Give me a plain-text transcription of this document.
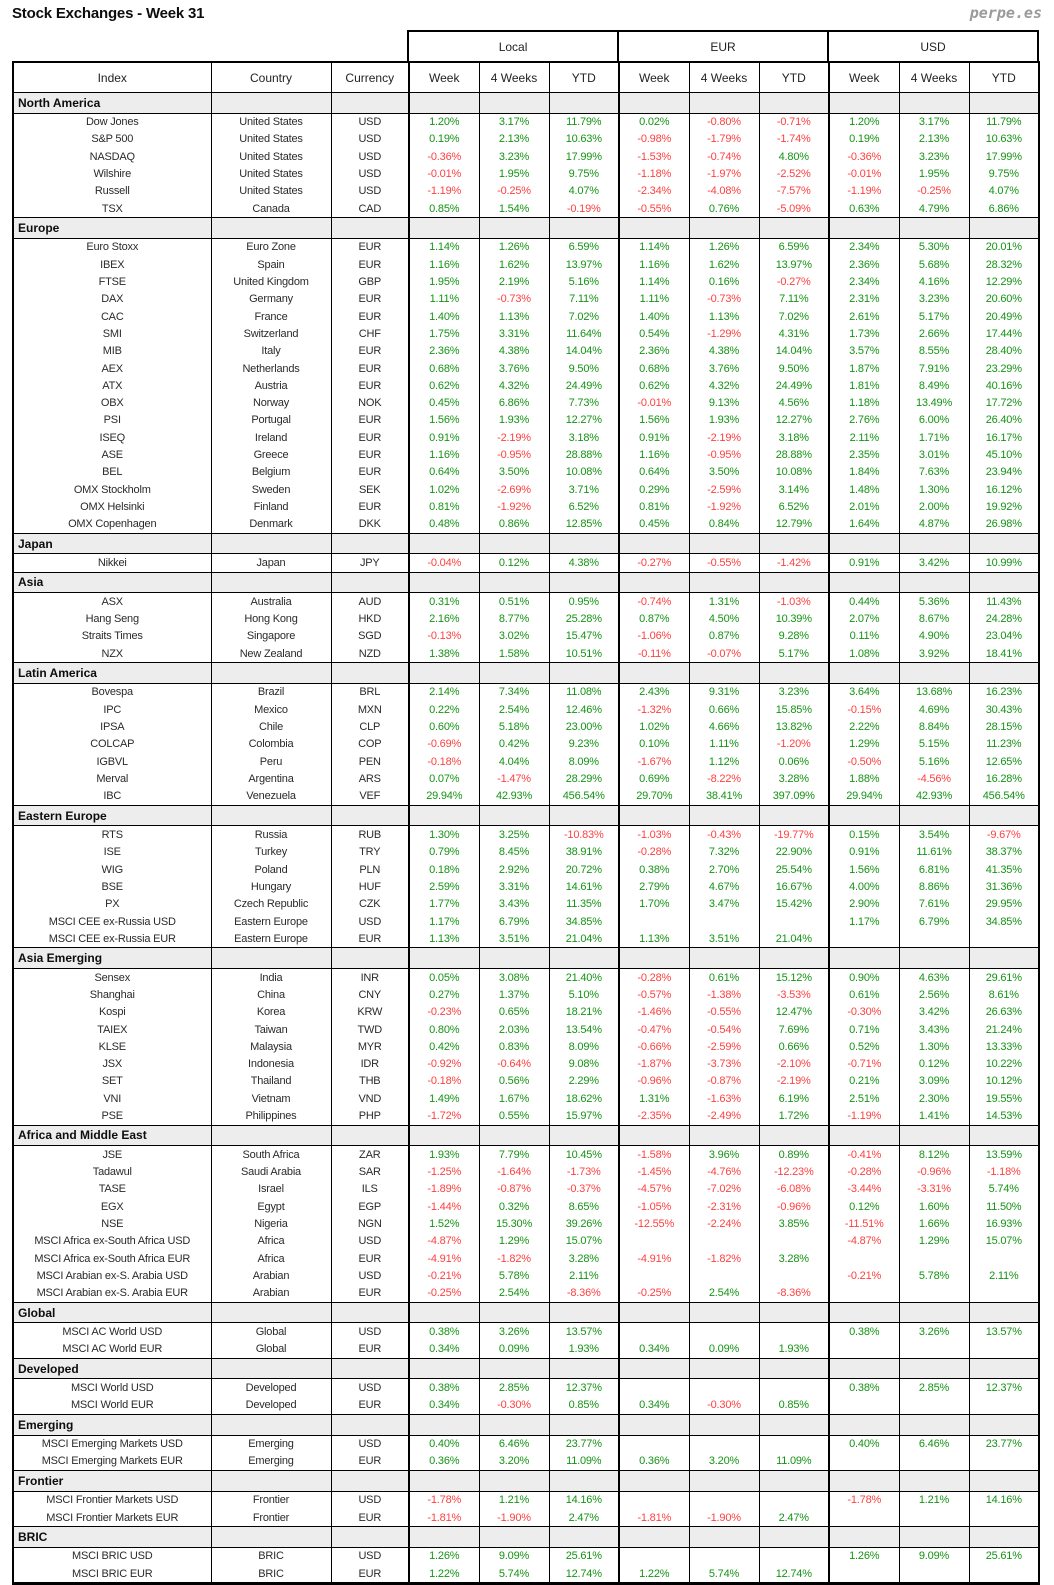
Stock Exchanges - Week 31	perpe.es
	Local	EUR	USD
Index	Country	Currency	Week	4 Weeks	YTD	Week	4 Weeks	YTD	Week	4 Weeks	YTD
North America											
Dow Jones	United States	USD	1.20%	3.17%	11.79%	0.02%	-0.80%	-0.71%	1.20%	3.17%	11.79%
S&P 500	United States	USD	0.19%	2.13%	10.63%	-0.98%	-1.79%	-1.74%	0.19%	2.13%	10.63%
NASDAQ	United States	USD	-0.36%	3.23%	17.99%	-1.53%	-0.74%	4.80%	-0.36%	3.23%	17.99%
Wilshire	United States	USD	-0.01%	1.95%	9.75%	-1.18%	-1.97%	-2.52%	-0.01%	1.95%	9.75%
Russell	United States	USD	-1.19%	-0.25%	4.07%	-2.34%	-4.08%	-7.57%	-1.19%	-0.25%	4.07%
TSX	Canada	CAD	0.85%	1.54%	-0.19%	-0.55%	0.76%	-5.09%	0.63%	4.79%	6.86%
Europe											
Euro Stoxx	Euro Zone	EUR	1.14%	1.26%	6.59%	1.14%	1.26%	6.59%	2.34%	5.30%	20.01%
IBEX	Spain	EUR	1.16%	1.62%	13.97%	1.16%	1.62%	13.97%	2.36%	5.68%	28.32%
FTSE	United Kingdom	GBP	1.95%	2.19%	5.16%	1.14%	0.16%	-0.27%	2.34%	4.16%	12.29%
DAX	Germany	EUR	1.11%	-0.73%	7.11%	1.11%	-0.73%	7.11%	2.31%	3.23%	20.60%
CAC	France	EUR	1.40%	1.13%	7.02%	1.40%	1.13%	7.02%	2.61%	5.17%	20.49%
SMI	Switzerland	CHF	1.75%	3.31%	11.64%	0.54%	-1.29%	4.31%	1.73%	2.66%	17.44%
MIB	Italy	EUR	2.36%	4.38%	14.04%	2.36%	4.38%	14.04%	3.57%	8.55%	28.40%
AEX	Netherlands	EUR	0.68%	3.76%	9.50%	0.68%	3.76%	9.50%	1.87%	7.91%	23.29%
ATX	Austria	EUR	0.62%	4.32%	24.49%	0.62%	4.32%	24.49%	1.81%	8.49%	40.16%
OBX	Norway	NOK	0.45%	6.86%	7.73%	-0.01%	9.13%	4.56%	1.18%	13.49%	17.72%
PSI	Portugal	EUR	1.56%	1.93%	12.27%	1.56%	1.93%	12.27%	2.76%	6.00%	26.40%
ISEQ	Ireland	EUR	0.91%	-2.19%	3.18%	0.91%	-2.19%	3.18%	2.11%	1.71%	16.17%
ASE	Greece	EUR	1.16%	-0.95%	28.88%	1.16%	-0.95%	28.88%	2.35%	3.01%	45.10%
BEL	Belgium	EUR	0.64%	3.50%	10.08%	0.64%	3.50%	10.08%	1.84%	7.63%	23.94%
OMX Stockholm	Sweden	SEK	1.02%	-2.69%	3.71%	0.29%	-2.59%	3.14%	1.48%	1.30%	16.12%
OMX Helsinki	Finland	EUR	0.81%	-1.92%	6.52%	0.81%	-1.92%	6.52%	2.01%	2.00%	19.92%
OMX Copenhagen	Denmark	DKK	0.48%	0.86%	12.85%	0.45%	0.84%	12.79%	1.64%	4.87%	26.98%
Japan											
Nikkei	Japan	JPY	-0.04%	0.12%	4.38%	-0.27%	-0.55%	-1.42%	0.91%	3.42%	10.99%
Asia											
ASX	Australia	AUD	0.31%	0.51%	0.95%	-0.74%	1.31%	-1.03%	0.44%	5.36%	11.43%
Hang Seng	Hong Kong	HKD	2.16%	8.77%	25.28%	0.87%	4.50%	10.39%	2.07%	8.67%	24.28%
Straits Times	Singapore	SGD	-0.13%	3.02%	15.47%	-1.06%	0.87%	9.28%	0.11%	4.90%	23.04%
NZX	New Zealand	NZD	1.38%	1.58%	10.51%	-0.11%	-0.07%	5.17%	1.08%	3.92%	18.41%
Latin America											
Bovespa	Brazil	BRL	2.14%	7.34%	11.08%	2.43%	9.31%	3.23%	3.64%	13.68%	16.23%
IPC	Mexico	MXN	0.22%	2.54%	12.46%	-1.32%	0.66%	15.85%	-0.15%	4.69%	30.43%
IPSA	Chile	CLP	0.60%	5.18%	23.00%	1.02%	4.66%	13.82%	2.22%	8.84%	28.15%
COLCAP	Colombia	COP	-0.69%	0.42%	9.23%	0.10%	1.11%	-1.20%	1.29%	5.15%	11.23%
IGBVL	Peru	PEN	-0.18%	4.04%	8.09%	-1.67%	1.12%	0.06%	-0.50%	5.16%	12.65%
Merval	Argentina	ARS	0.07%	-1.47%	28.29%	0.69%	-8.22%	3.28%	1.88%	-4.56%	16.28%
IBC	Venezuela	VEF	29.94%	42.93%	456.54%	29.70%	38.41%	397.09%	29.94%	42.93%	456.54%
Eastern Europe											
RTS	Russia	RUB	1.30%	3.25%	-10.83%	-1.03%	-0.43%	-19.77%	0.15%	3.54%	-9.67%
ISE	Turkey	TRY	0.79%	8.45%	38.91%	-0.28%	7.32%	22.90%	0.91%	11.61%	38.37%
WIG	Poland	PLN	0.18%	2.92%	20.72%	0.38%	2.70%	25.54%	1.56%	6.81%	41.35%
BSE	Hungary	HUF	2.59%	3.31%	14.61%	2.79%	4.67%	16.67%	4.00%	8.86%	31.36%
PX	Czech Republic	CZK	1.77%	3.43%	11.35%	1.70%	3.47%	15.42%	2.90%	7.61%	29.95%
MSCI CEE ex-Russia USD	Eastern Europe	USD	1.17%	6.79%	34.85%				1.17%	6.79%	34.85%
MSCI CEE ex-Russia EUR	Eastern Europe	EUR	1.13%	3.51%	21.04%	1.13%	3.51%	21.04%			
Asia Emerging											
Sensex	India	INR	0.05%	3.08%	21.40%	-0.28%	0.61%	15.12%	0.90%	4.63%	29.61%
Shanghai	China	CNY	0.27%	1.37%	5.10%	-0.57%	-1.38%	-3.53%	0.61%	2.56%	8.61%
Kospi	Korea	KRW	-0.23%	0.65%	18.21%	-1.46%	-0.55%	12.47%	-0.30%	3.42%	26.63%
TAIEX	Taiwan	TWD	0.80%	2.03%	13.54%	-0.47%	-0.54%	7.69%	0.71%	3.43%	21.24%
KLSE	Malaysia	MYR	0.42%	0.83%	8.09%	-0.66%	-2.59%	0.66%	0.52%	1.30%	13.33%
JSX	Indonesia	IDR	-0.92%	-0.64%	9.08%	-1.87%	-3.73%	-2.10%	-0.71%	0.12%	10.22%
SET	Thailand	THB	-0.18%	0.56%	2.29%	-0.96%	-0.87%	-2.19%	0.21%	3.09%	10.12%
VNI	Vietnam	VND	1.49%	1.67%	18.62%	1.31%	-1.63%	6.19%	2.51%	2.30%	19.55%
PSE	Philippines	PHP	-1.72%	0.55%	15.97%	-2.35%	-2.49%	1.72%	-1.19%	1.41%	14.53%
Africa and Middle East											
JSE	South Africa	ZAR	1.93%	7.79%	10.45%	-1.58%	3.96%	0.89%	-0.41%	8.12%	13.59%
Tadawul	Saudi Arabia	SAR	-1.25%	-1.64%	-1.73%	-1.45%	-4.76%	-12.23%	-0.28%	-0.96%	-1.18%
TASE	Israel	ILS	-1.89%	-0.87%	-0.37%	-4.57%	-7.02%	-6.08%	-3.44%	-3.31%	5.74%
EGX	Egypt	EGP	-1.44%	0.32%	8.65%	-1.05%	-2.31%	-0.96%	0.12%	1.60%	11.50%
NSE	Nigeria	NGN	1.52%	15.30%	39.26%	-12.55%	-2.24%	3.85%	-11.51%	1.66%	16.93%
MSCI Africa ex-South Africa USD	Africa	USD	-4.87%	1.29%	15.07%				-4.87%	1.29%	15.07%
MSCI Africa ex-South Africa EUR	Africa	EUR	-4.91%	-1.82%	3.28%	-4.91%	-1.82%	3.28%			
MSCI Arabian ex-S. Arabia USD	Arabian	USD	-0.21%	5.78%	2.11%				-0.21%	5.78%	2.11%
MSCI Arabian ex-S. Arabia EUR	Arabian	EUR	-0.25%	2.54%	-8.36%	-0.25%	2.54%	-8.36%			
Global											
MSCI AC World USD	Global	USD	0.38%	3.26%	13.57%				0.38%	3.26%	13.57%
MSCI AC World EUR	Global	EUR	0.34%	0.09%	1.93%	0.34%	0.09%	1.93%			
Developed											
MSCI World USD	Developed	USD	0.38%	2.85%	12.37%				0.38%	2.85%	12.37%
MSCI World EUR	Developed	EUR	0.34%	-0.30%	0.85%	0.34%	-0.30%	0.85%			
Emerging											
MSCI Emerging Markets USD	Emerging	USD	0.40%	6.46%	23.77%				0.40%	6.46%	23.77%
MSCI Emerging Markets EUR	Emerging	EUR	0.36%	3.20%	11.09%	0.36%	3.20%	11.09%			
Frontier											
MSCI Frontier Markets USD	Frontier	USD	-1.78%	1.21%	14.16%				-1.78%	1.21%	14.16%
MSCI Frontier Markets EUR	Frontier	EUR	-1.81%	-1.90%	2.47%	-1.81%	-1.90%	2.47%			
BRIC											
MSCI BRIC USD	BRIC	USD	1.26%	9.09%	25.61%				1.26%	9.09%	25.61%
MSCI BRIC EUR	BRIC	EUR	1.22%	5.74%	12.74%	1.22%	5.74%	12.74%			
